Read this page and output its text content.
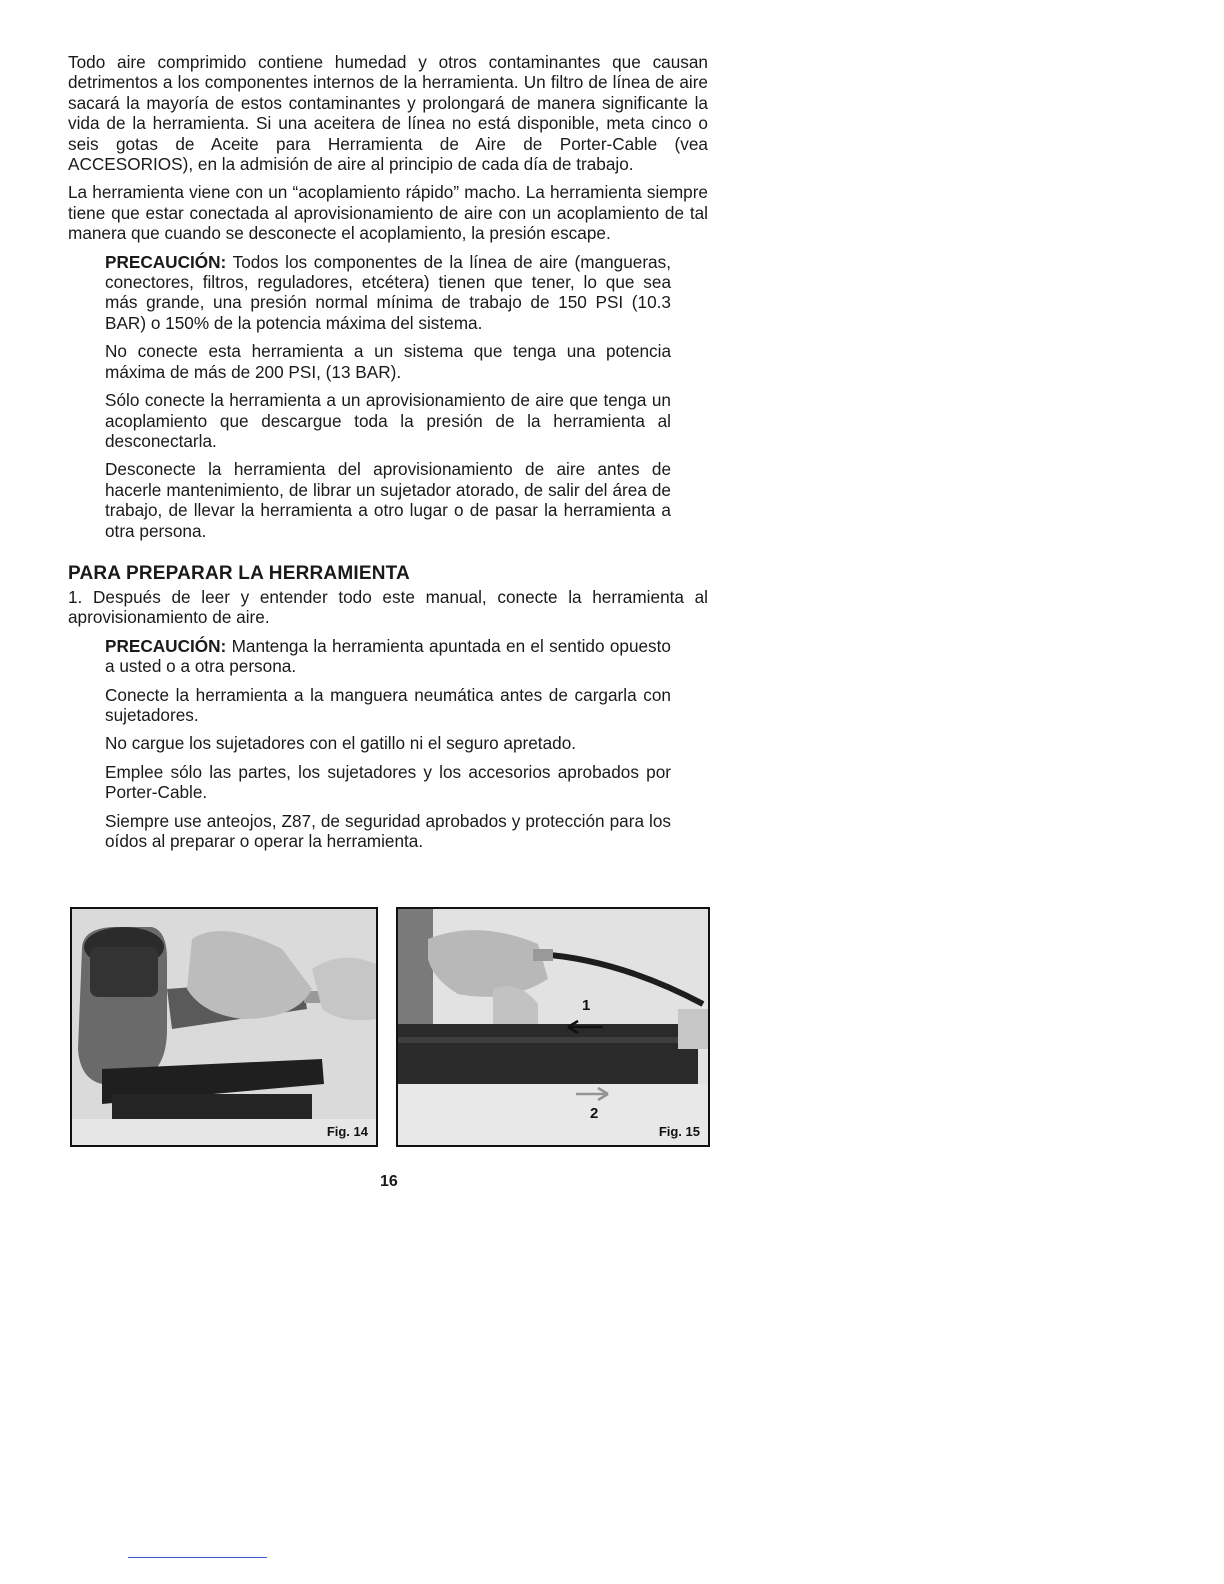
Todo aire comprimido contiene humedad y otros contaminantes que causan detrimentos a los componentes internos de la herramienta. Un filtro de línea de aire sacará la mayoría de estos contaminantes y prolongará de manera significante la vida de la herramienta. Si una aceitera de línea no está disponible, meta cinco o seis gotas de Aceite para Herramienta de Aire de Porter-Cable (vea ACCESORIOS), en la admisión de aire al principio de cada día de trabajo.

La herramienta viene con un “acoplamiento rápido” macho. La herramienta siempre tiene que estar conectada al aprovisionamiento de aire con un acoplamiento de tal manera que cuando se desconecte el acoplamiento, la presión escape.

PRECAUCIÓN: Todos los componentes de la línea de aire (mangueras, conectores, filtros, reguladores, etcétera) tienen que tener, lo que sea más grande, una presión normal mínima de trabajo de 150 PSI (10.3 BAR) o 150% de la potencia máxima del sistema.

No conecte esta herramienta a un sistema que tenga una potencia máxima de más de 200 PSI, (13 BAR).

Sólo conecte la herramienta a un aprovisionamiento de aire que tenga un acoplamiento que descargue toda la presión de la herramienta al desconectarla.

Desconecte la herramienta del aprovisionamiento de aire antes de hacerle mantenimiento, de librar un sujetador atorado, de salir del área de trabajo, de llevar la herramienta a otro lugar o de pasar la herramienta a otra persona.

PARA PREPARAR LA HERRAMIENTA

1. Después de leer y entender todo este manual, conecte la herramienta al aprovisionamiento de aire.

PRECAUCIÓN: Mantenga la herramienta apuntada en el sentido opuesto a usted o a otra persona.

Conecte la herramienta a la manguera neumática antes de cargarla con sujetadores.

No cargue los sujetadores con el gatillo ni el seguro apretado.

Emplee sólo las partes, los sujetadores y los accesorios aprobados por Porter-Cable.

Siempre use anteojos, Z87, de seguridad aprobados y protección para los oídos al preparar o operar la herramienta.

Fig. 14
1
2
Fig. 15
16
